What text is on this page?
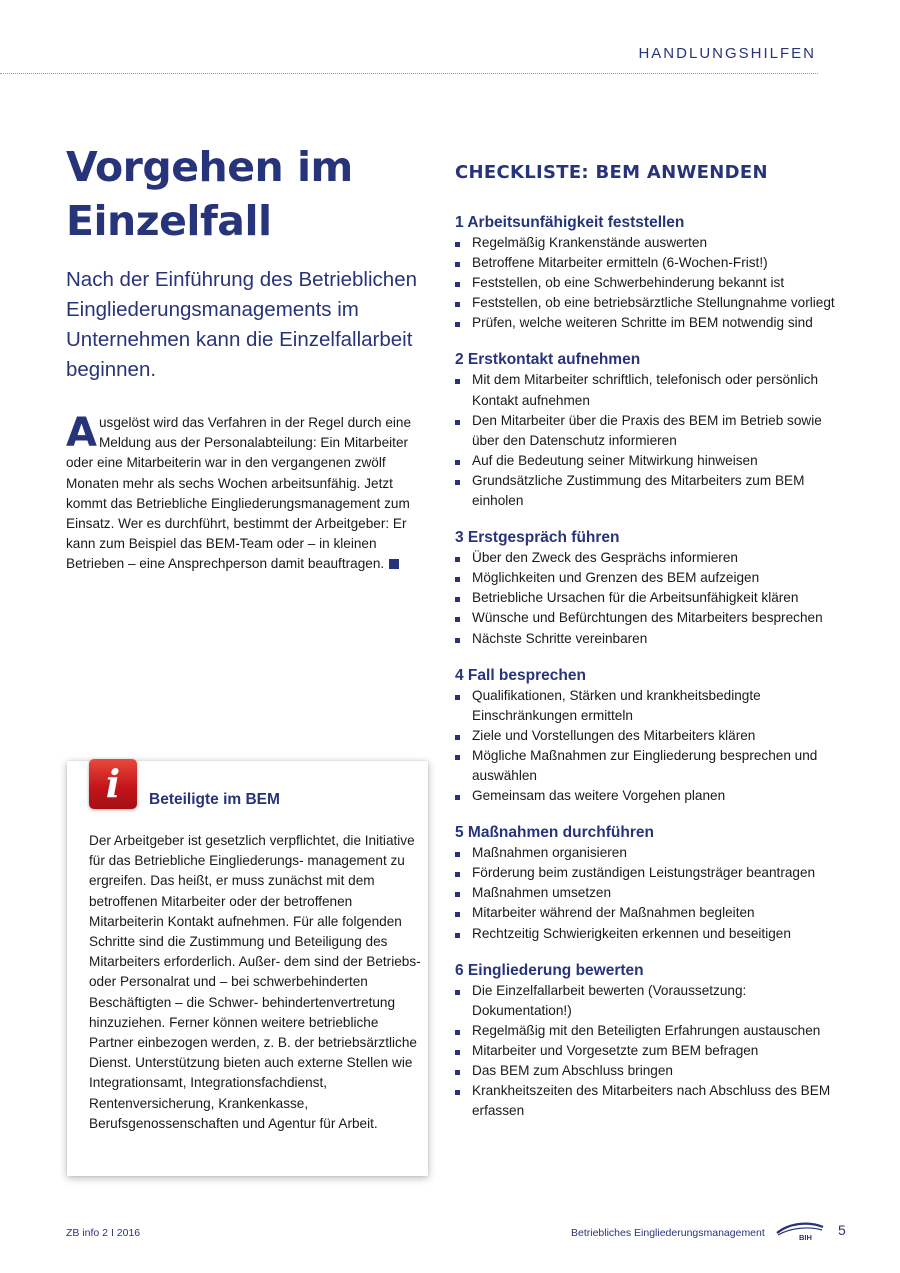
HANDLUNGSHILFEN
Vorgehen im
Einzelfall

Nach der Einführung des Betrieblichen Eingliederungsmanagements im Unternehmen kann die Einzelfallarbeit beginnen.

Ausgelöst wird das Verfahren in der Regel durch eine Meldung aus der Personalabteilung: Ein Mitarbeiter oder eine Mitarbeiterin war in den vergangenen zwölf Monaten mehr als sechs Wochen arbeitsunfähig. Jetzt kommt das Betriebliche Eingliederungsmanagement zum Einsatz. Wer es durchführt, bestimmt der Arbeitgeber: Er kann zum Beispiel das BEM-Team oder – in kleinen Betrieben – eine Ansprechperson damit beauftragen.

i	Beteiligte im BEM

Der Arbeitgeber ist gesetzlich verpflichtet, die Initiative für das Betriebliche Eingliederungs- management zu ergreifen. Das heißt, er muss zunächst mit dem betroffenen Mitarbeiter oder der betroffenen Mitarbeiterin Kontakt aufnehmen. Für alle folgenden Schritte sind die Zustimmung und Beteiligung des Mitarbeiters erforderlich. Außer- dem sind der Betriebs- oder Personalrat und – bei schwerbehinderten Beschäftigten – die Schwer- behindertenvertretung hinzuziehen. Ferner können weitere betriebliche Partner einbezogen werden, z. B. der betriebsärztliche Dienst. Unterstützung bieten auch externe Stellen wie Integrationsamt, Integrationsfachdienst, Rentenversicherung, Krankenkasse, Berufsgenossenschaften und Agentur für Arbeit.

CHECKLISTE: BEM ANWENDEN
1 Arbeitsunfähigkeit feststellen
Regelmäßig Krankenstände auswerten
Betroffene Mitarbeiter ermitteln (6-Wochen-Frist!)
Feststellen, ob eine Schwerbehinderung bekannt ist
Feststellen, ob eine betriebsärztliche Stellungnahme vorliegt
Prüfen, welche weiteren Schritte im BEM notwendig sind
2 Erstkontakt aufnehmen
Mit dem Mitarbeiter schriftlich, telefonisch oder persönlich Kontakt aufnehmen
Den Mitarbeiter über die Praxis des BEM im Betrieb sowie über den Datenschutz informieren
Auf die Bedeutung seiner Mitwirkung hinweisen
Grundsätzliche Zustimmung des Mitarbeiters zum BEM einholen
3 Erstgespräch führen
Über den Zweck des Gesprächs informieren
Möglichkeiten und Grenzen des BEM aufzeigen
Betriebliche Ursachen für die Arbeitsunfähigkeit klären
Wünsche und Befürchtungen des Mitarbeiters besprechen
Nächste Schritte vereinbaren
4 Fall besprechen
Qualifikationen, Stärken und krankheitsbedingte Einschränkungen ermitteln
Ziele und Vorstellungen des Mitarbeiters klären
Mögliche Maßnahmen zur Eingliederung besprechen und auswählen
Gemeinsam das weitere Vorgehen planen
5 Maßnahmen durchführen
Maßnahmen organisieren
Förderung beim zuständigen Leistungsträger beantragen
Maßnahmen umsetzen
Mitarbeiter während der Maßnahmen begleiten
Rechtzeitig Schwierigkeiten erkennen und beseitigen
6 Eingliederung bewerten
Die Einzelfallarbeit bewerten (Voraussetzung: Dokumentation!)
Regelmäßig mit den Beteiligten Erfahrungen austauschen
Mitarbeiter und Vorgesetzte zum BEM befragen
Das BEM zum Abschluss bringen
Krankheitszeiten des Mitarbeiters nach Abschluss des BEM erfassen
ZB info 2 I 2016	Betriebliches Eingliederungsmanagement	BIH 5
